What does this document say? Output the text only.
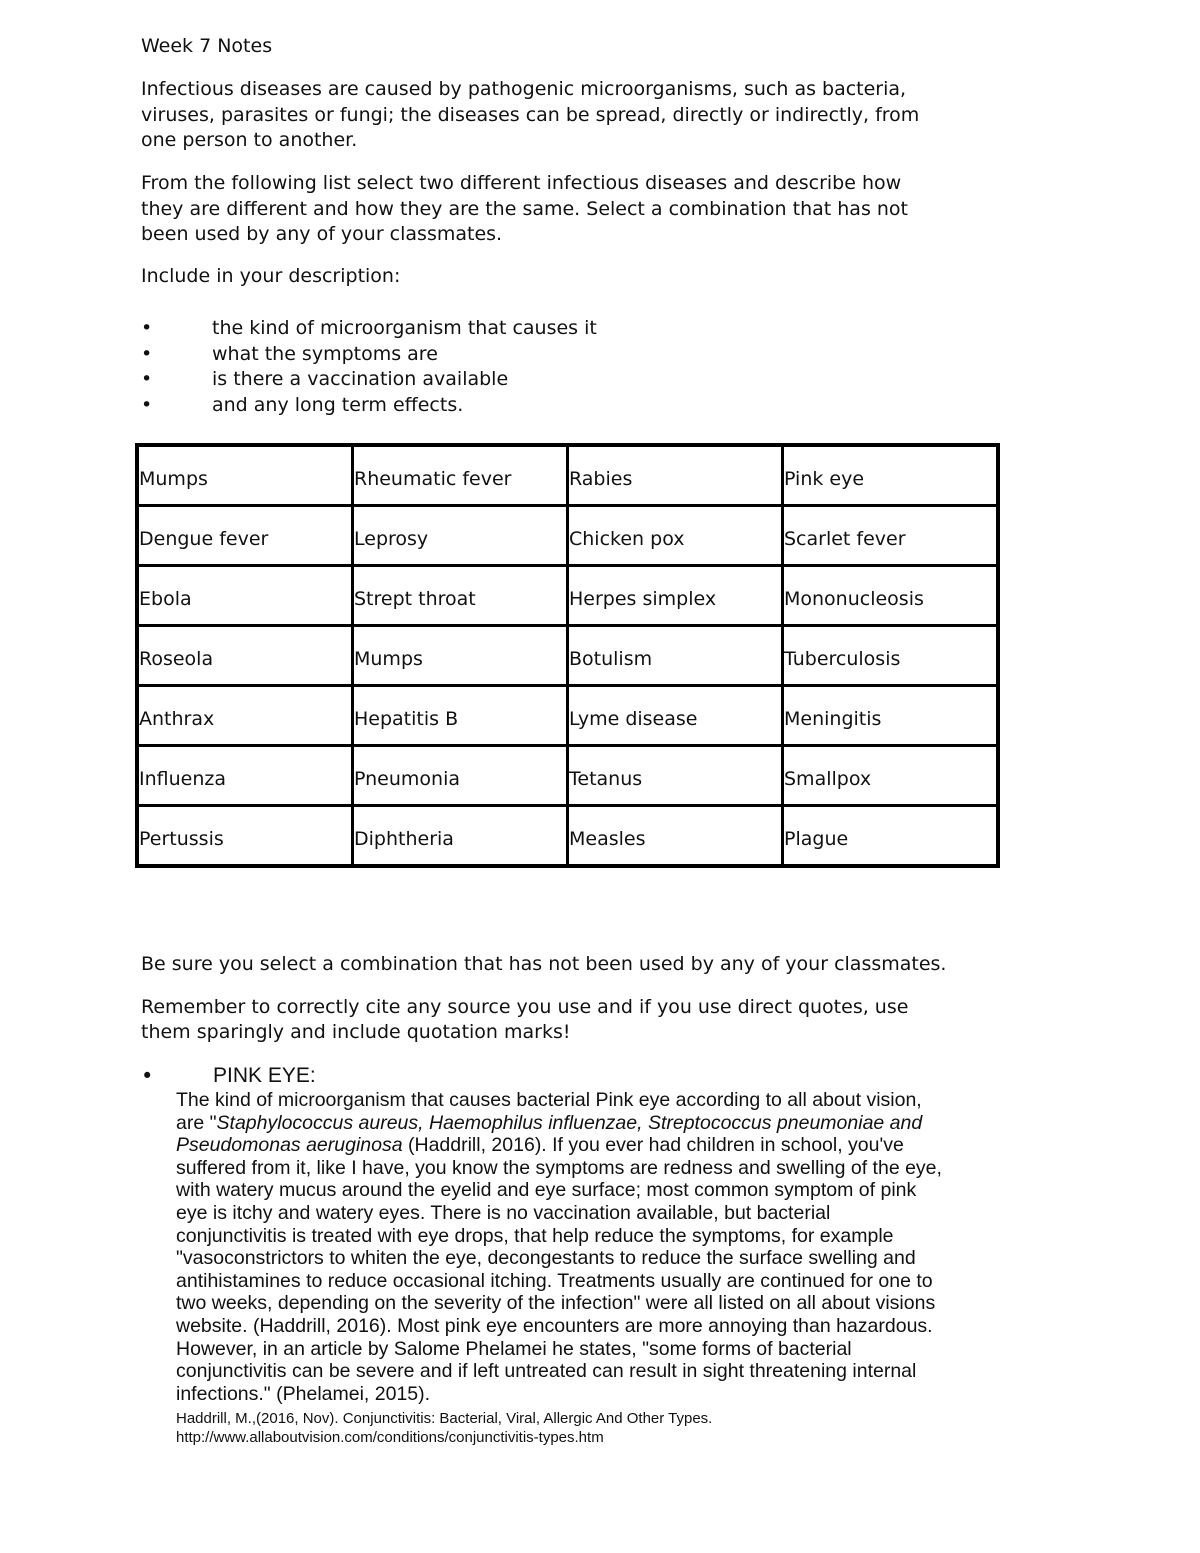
Week 7 Notes

Infectious diseases are caused by pathogenic microorganisms, such as bacteria,

viruses, parasites or fungi; the diseases can be spread, directly or indirectly, from

one person to another.

From the following list select two different infectious diseases and describe how

they are different and how they are the same. Select a combination that has not

been used by any of your classmates.

Include in your description:

•	the kind of microorganism that causes it
•	what the symptoms are
•	is there a vaccination available
•	and any long term effects.
Mumps	Rheumatic fever	Rabies	Pink eye

Dengue fever	Leprosy	Chicken pox	Scarlet fever

Ebola	Strept throat	Herpes simplex	Mononucleosis

Roseola	Mumps	Botulism	Tuberculosis

Anthrax	Hepatitis B	Lyme disease	Meningitis

Influenza	Pneumonia	Tetanus	Smallpox

Pertussis	Diphtheria	Measles	Plague

Be sure you select a combination that has not been used by any of your classmates.

Remember to correctly cite any source you use and if you use direct quotes, use

them sparingly and include quotation marks!

•	PINK EYE:
The kind of microorganism that causes bacterial Pink eye according to all about vision,
are "Staphylococcus aureus, Haemophilus influenzae, Streptococcus pneumoniae and
Pseudomonas aeruginosa (Haddrill, 2016). If you ever had children in school, you've
suffered from it, like I have, you know the symptoms are redness and swelling of the eye,
with watery mucus around the eyelid and eye surface; most common symptom of pink
eye is itchy and watery eyes. There is no vaccination available, but bacterial
conjunctivitis is treated with eye drops, that help reduce the symptoms, for example
"vasoconstrictors to whiten the eye, decongestants to reduce the surface swelling and
antihistamines to reduce occasional itching. Treatments usually are continued for one to
two weeks, depending on the severity of the infection" were all listed on all about visions
website. (Haddrill, 2016). Most pink eye encounters are more annoying than hazardous.
However, in an article by Salome Phelamei he states, "some forms of bacterial
conjunctivitis can be severe and if left untreated can result in sight threatening internal
infections." (Phelamei, 2015).
Haddrill, M.,(2016, Nov). Conjunctivitis: Bacterial, Viral, Allergic And Other Types.
http://www.allaboutvision.com/conditions/conjunctivitis-types.htm
